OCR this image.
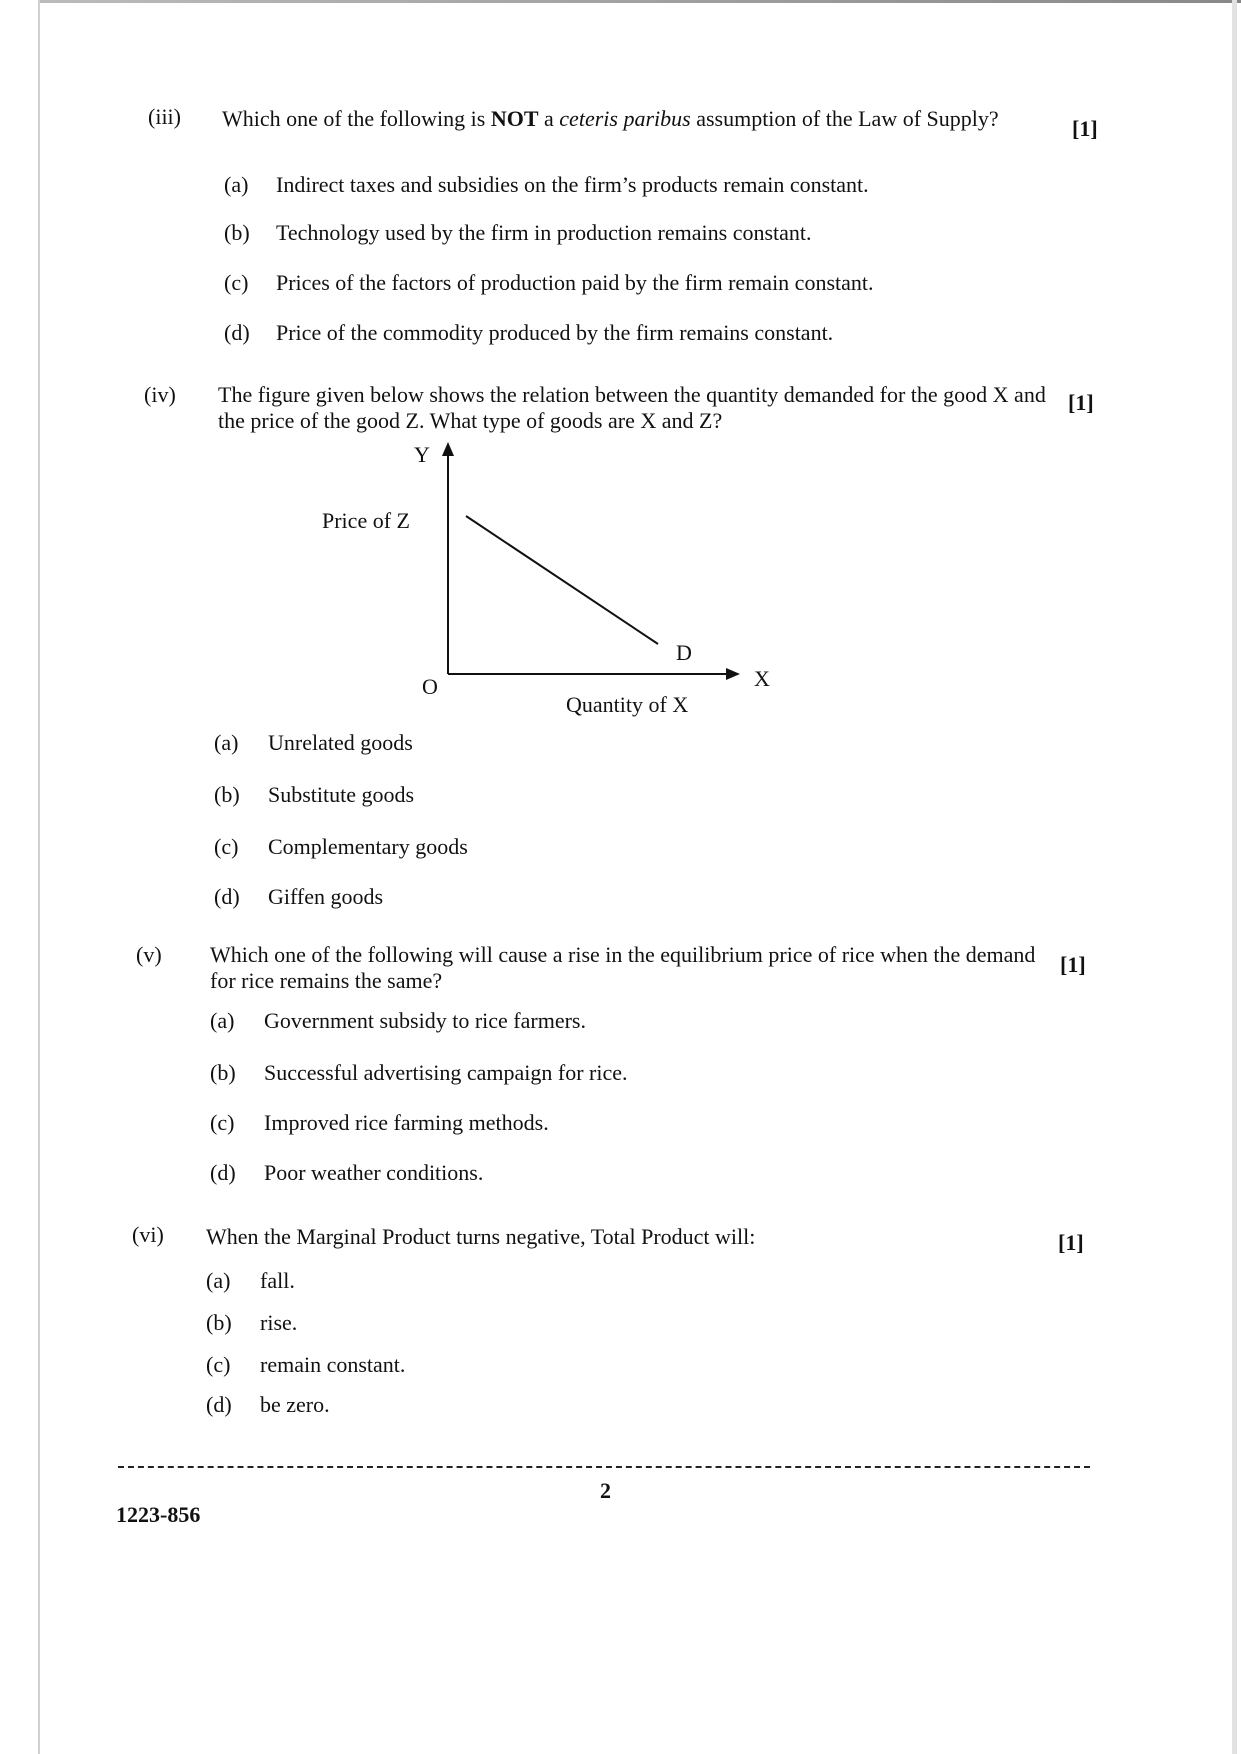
(iii) Which one of the following is NOT a ceteris paribus assumption of the Law of Supply?	[1]
(a) Indirect taxes and subsidies on the firm’s products remain constant.
(b) Technology used by the firm in production remains constant.
(c) Prices of the factors of production paid by the firm remain constant.
(d) Price of the commodity produced by the firm remains constant.
(iv) The figure given below shows the relation between the quantity demanded for the good X and the price of the good Z. What type of goods are X and Z?
[1]
Y
Price of Z
D
O	X
Quantity of X
(a) Unrelated goods
(b) Substitute goods
(c) Complementary goods
(d) Giffen goods
(v) Which one of the following will cause a rise in the equilibrium price of rice when the demand for rice remains the same?
[1]
(a) Government subsidy to rice farmers.
(b) Successful advertising campaign for rice.
(c) Improved rice farming methods.
(d) Poor weather conditions.
(vi) When the Marginal Product turns negative, Total Product will:	[1]
(a) fall.
(b) rise.
(c) remain constant.
(d) be zero.
2
1223-856
